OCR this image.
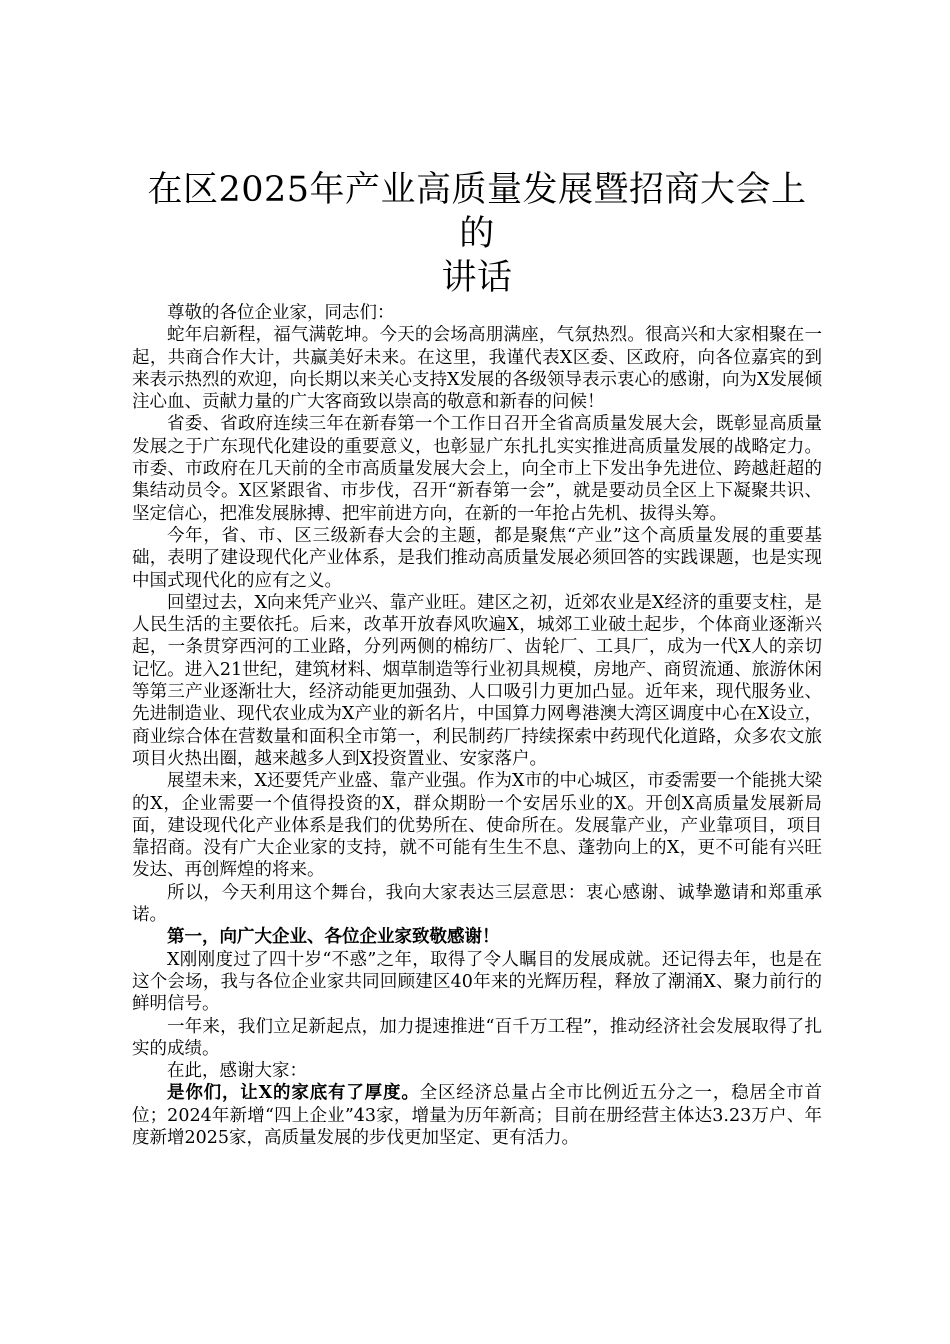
在区2025年产业高质量发展暨招商大会上的
讲话

尊敬的各位企业家，同志们：

蛇年启新程，福气满乾坤。今天的会场高朋满座，气氛热烈。很高兴和大家相聚在一起，共商合作大计，共赢美好未来。在这里，我谨代表X区委、区政府，向各位嘉宾的到来表示热烈的欢迎，向长期以来关心支持X发展的各级领导表示衷心的感谢，向为X发展倾注心血、贡献力量的广大客商致以崇高的敬意和新春的问候！

省委、省政府连续三年在新春第一个工作日召开全省高质量发展大会，既彰显高质量发展之于广东现代化建设的重要意义，也彰显广东扎扎实实推进高质量发展的战略定力。市委、市政府在几天前的全市高质量发展大会上，向全市上下发出争先进位、跨越赶超的集结动员令。X区紧跟省、市步伐，召开“新春第一会”，就是要动员全区上下凝聚共识、坚定信心，把准发展脉搏、把牢前进方向，在新的一年抢占先机、拔得头筹。

今年，省、市、区三级新春大会的主题，都是聚焦“产业”这个高质量发展的重要基础，表明了建设现代化产业体系，是我们推动高质量发展必须回答的实践课题，也是实现中国式现代化的应有之义。

回望过去，X向来凭产业兴、靠产业旺。建区之初，近郊农业是X经济的重要支柱，是人民生活的主要依托。后来，改革开放春风吹遍X，城郊工业破土起步，个体商业逐渐兴起，一条贯穿西河的工业路，分列两侧的棉纺厂、齿轮厂、工具厂，成为一代X人的亲切记忆。进入21世纪，建筑材料、烟草制造等行业初具规模，房地产、商贸流通、旅游休闲等第三产业逐渐壮大，经济动能更加强劲、人口吸引力更加凸显。近年来，现代服务业、先进制造业、现代农业成为X产业的新名片，中国算力网粤港澳大湾区调度中心在X设立，商业综合体在营数量和面积全市第一，利民制药厂持续探索中药现代化道路，众多农文旅项目火热出圈，越来越多人到X投资置业、安家落户。

展望未来，X还要凭产业盛、靠产业强。作为X市的中心城区，市委需要一个能挑大梁的X，企业需要一个值得投资的X，群众期盼一个安居乐业的X。开创X高质量发展新局面，建设现代化产业体系是我们的优势所在、使命所在。发展靠产业，产业靠项目，项目靠招商。没有广大企业家的支持，就不可能有生生不息、蓬勃向上的X，更不可能有兴旺发达、再创辉煌的将来。

所以，今天利用这个舞台，我向大家表达三层意思：衷心感谢、诚挚邀请和郑重承诺。

第一，向广大企业、各位企业家致敬感谢！

X刚刚度过了四十岁“不惑”之年，取得了令人瞩目的发展成就。还记得去年，也是在这个会场，我与各位企业家共同回顾建区40年来的光辉历程，释放了潮涌X、聚力前行的鲜明信号。

一年来，我们立足新起点，加力提速推进“百千万工程”，推动经济社会发展取得了扎实的成绩。

在此，感谢大家：

是你们，让X的家底有了厚度。全区经济总量占全市比例近五分之一，稳居全市首位；2024年新增“四上企业”43家，增量为历年新高；目前在册经营主体达3.23万户、年度新增2025家，高质量发展的步伐更加坚定、更有活力。
